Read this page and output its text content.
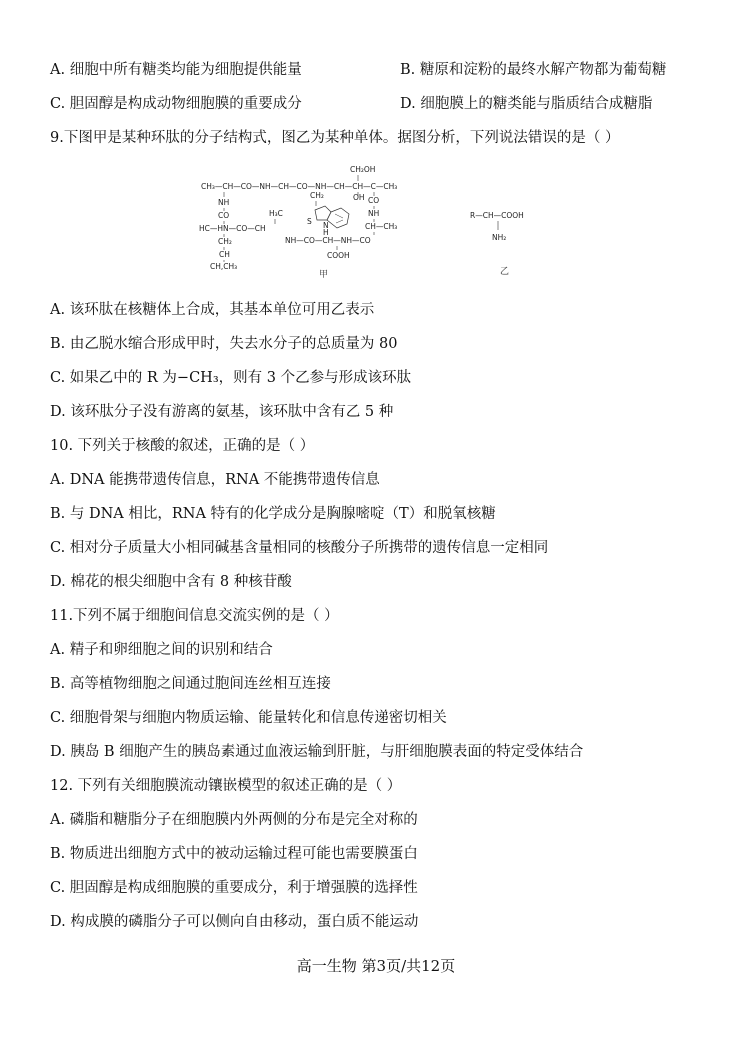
A. 细胞中所有糖类均能为细胞提供能量	B. 糖原和淀粉的最终水解产物都为葡萄糖
C. 胆固醇是构成动物细胞膜的重要成分	D. 细胞膜上的糖类能与脂质结合成糖脂
9.下图甲是某种环肽的分子结构式，图乙为某种单体。据图分析，下列说法错误的是（ ）
CH₂OH
CH₃—CH—CO—NH—CH—CO—NH—CH—CH—C—CH₃
OH
NH
CO
HC—HN—CO—CH
CH₂
CH
CH,CH₃
H₃C
CH₂
S N
H
CO
NH
CH—CH₃
NH—CO—CH—NH—CO
COOH
甲
R—CH—COOH
NH₂
乙
A. 该环肽在核糖体上合成，其基本单位可用乙表示
B. 由乙脱水缩合形成甲时，失去水分子的总质量为 80
C. 如果乙中的 R 为−CH₃，则有 3 个乙参与形成该环肽
D. 该环肽分子没有游离的氨基，该环肽中含有乙 5 种
10. 下列关于核酸的叙述，正确的是（ ）
A. DNA 能携带遗传信息，RNA 不能携带遗传信息
B. 与 DNA 相比，RNA 特有的化学成分是胸腺嘧啶（T）和脱氧核糖
C. 相对分子质量大小相同碱基含量相同的核酸分子所携带的遗传信息一定相同
D. 棉花的根尖细胞中含有 8 种核苷酸
11.下列不属于细胞间信息交流实例的是（ ）
A. 精子和卵细胞之间的识别和结合
B. 高等植物细胞之间通过胞间连丝相互连接
C. 细胞骨架与细胞内物质运输、能量转化和信息传递密切相关
D. 胰岛 B 细胞产生的胰岛素通过血液运输到肝脏，与肝细胞膜表面的特定受体结合
12. 下列有关细胞膜流动镶嵌模型的叙述正确的是（ ）
A. 磷脂和糖脂分子在细胞膜内外两侧的分布是完全对称的
B. 物质进出细胞方式中的被动运输过程可能也需要膜蛋白
C. 胆固醇是构成细胞膜的重要成分，利于增强膜的选择性
D. 构成膜的磷脂分子可以侧向自由移动，蛋白质不能运动
高一生物 第3页/共12页
